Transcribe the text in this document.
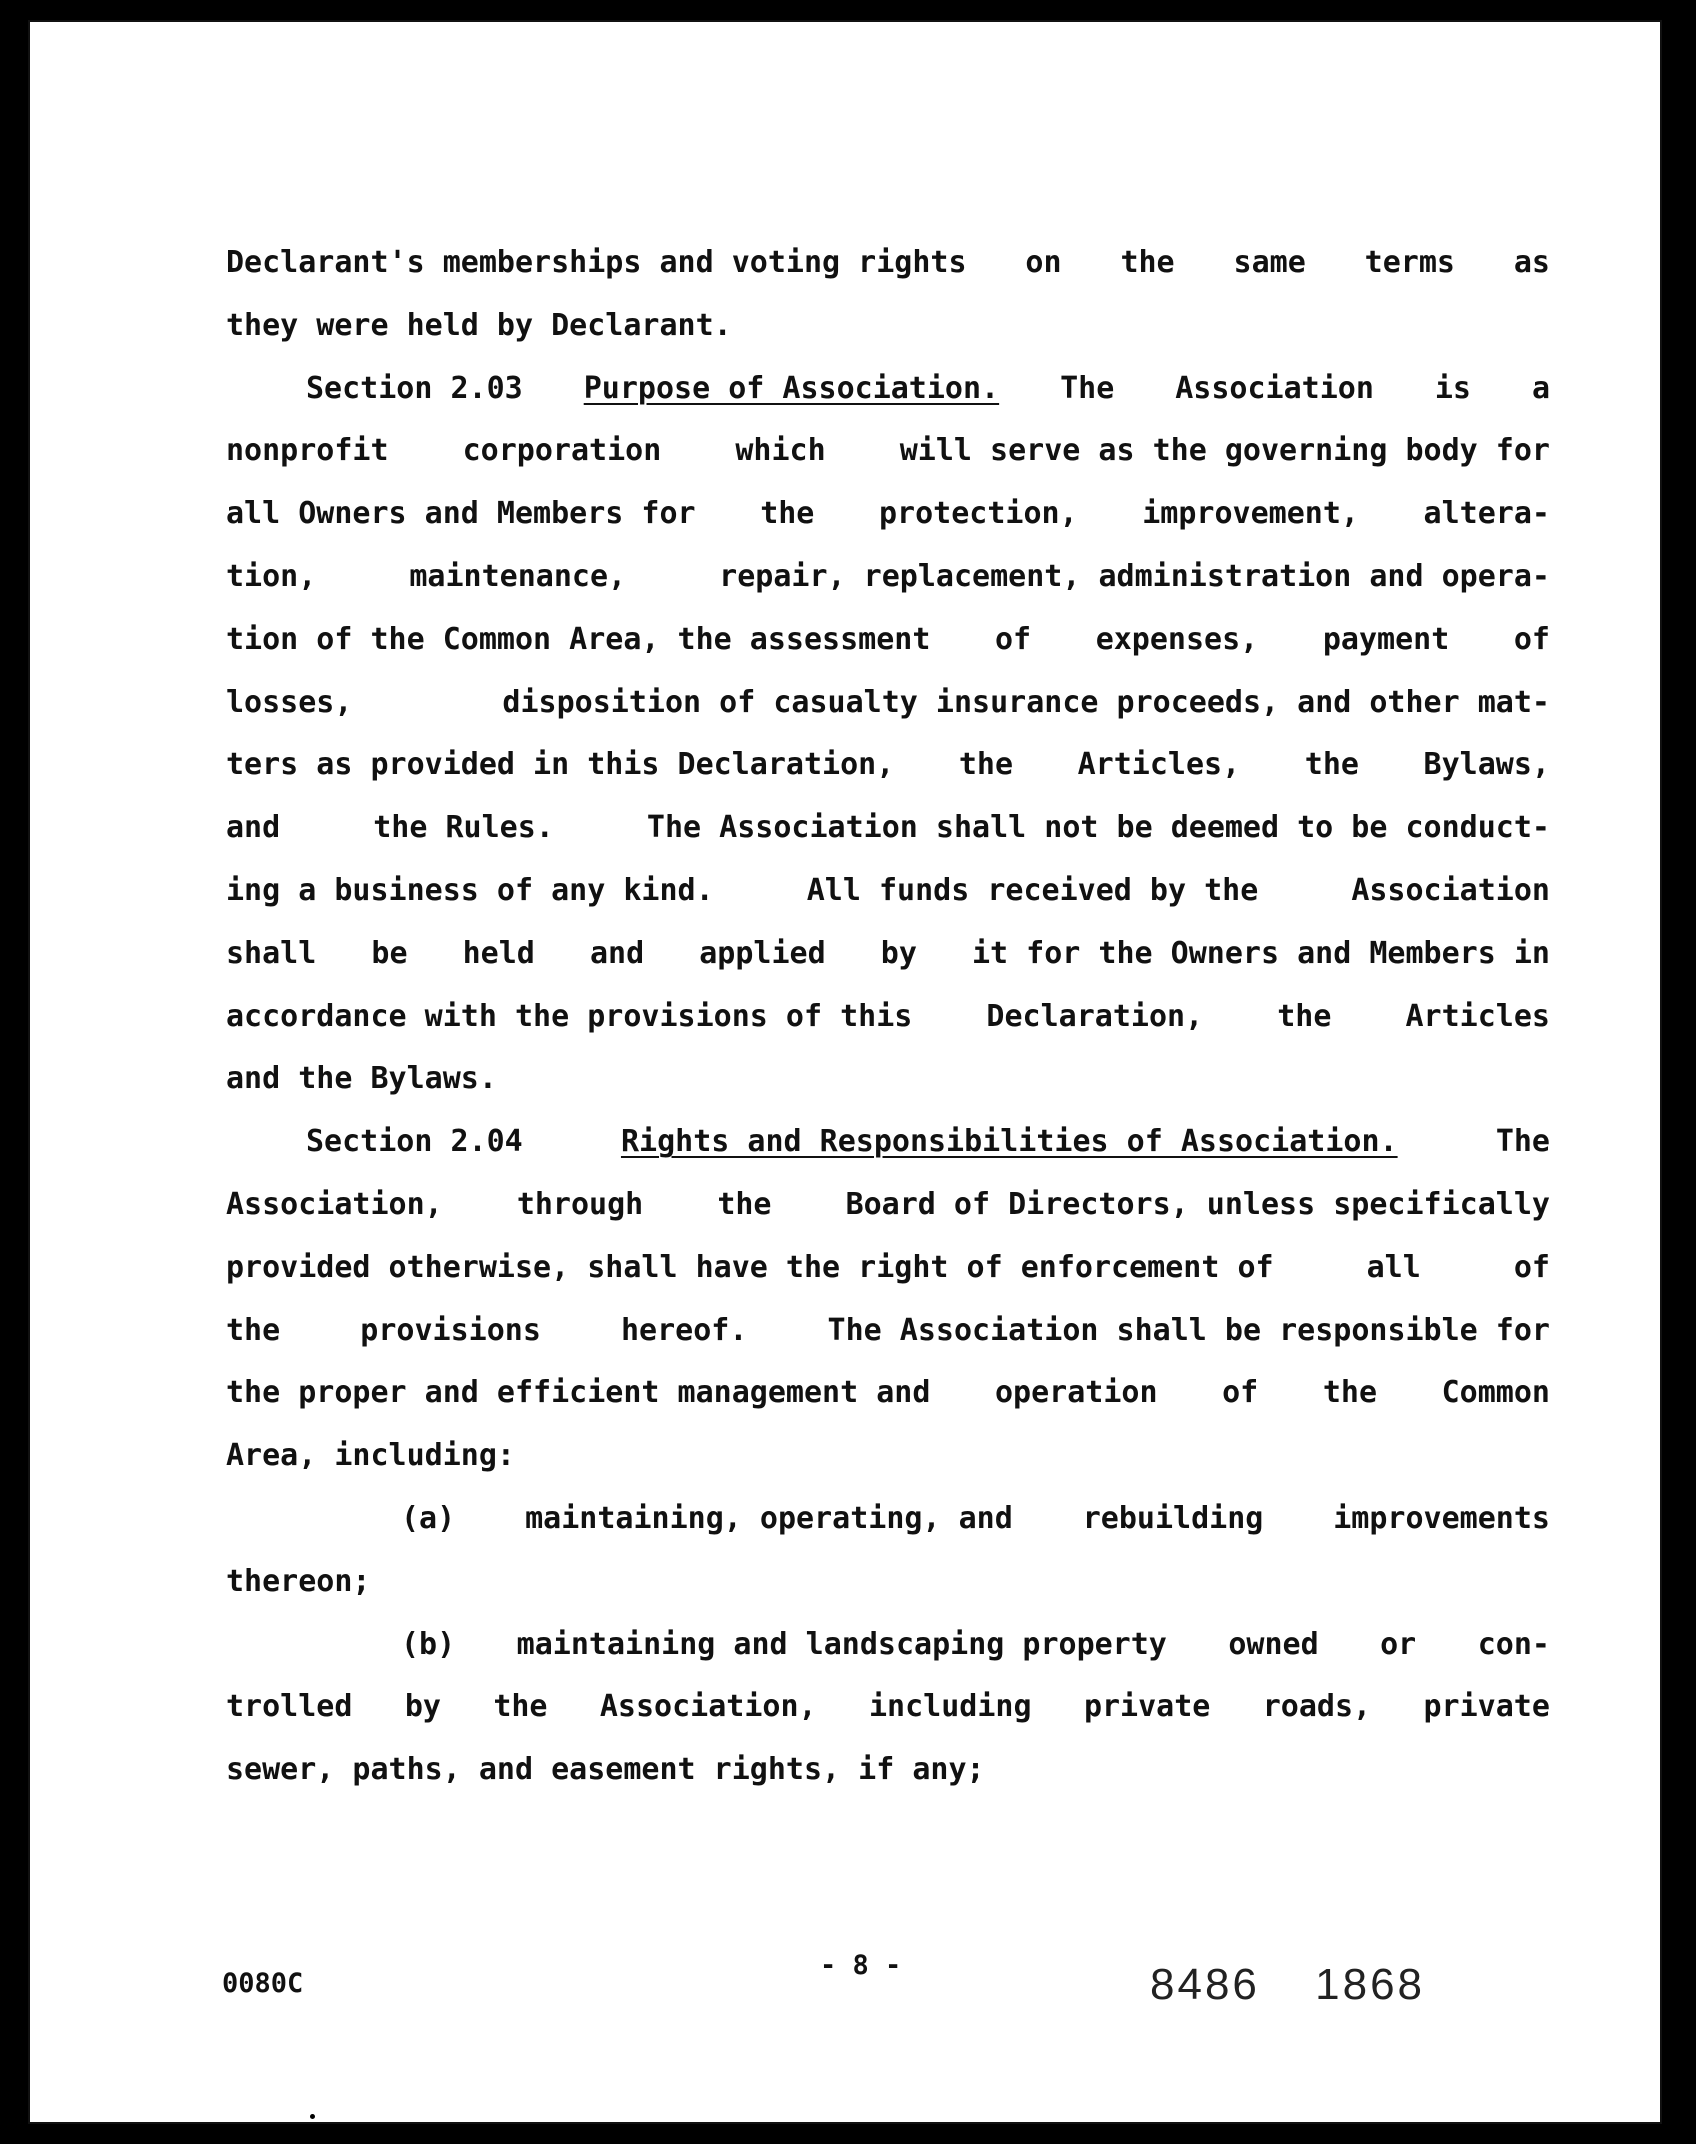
Declarant's memberships and voting rights on the same terms as
they were held by Declarant.
Section 2.03 Purpose of Association. The Association is a
nonprofit corporation which will serve as the governing body for
all Owners and Members for the protection, improvement, altera-
tion,	maintenance,	repair, replacement, administration and opera-
tion of the Common Area, the assessment of expenses, payment of
losses,	disposition of casualty insurance proceeds, and other mat-
ters as provided in this Declaration, the Articles, the Bylaws,
and	the Rules.	The Association shall not be deemed to be conduct-
ing a business of any kind.	All funds received by the	Association
shall be held and applied by it for the Owners and Members in
accordance with the provisions of this Declaration, the Articles
and the Bylaws.
Section 2.04	Rights and Responsibilities of Association.	The
Association, through the Board of Directors, unless specifically
provided otherwise, shall have the right of enforcement of	all	of
the	provisions	hereof.	The Association shall be responsible for
the proper and efficient management and operation of the Common
Area, including:
(a) maintaining, operating, and rebuilding improvements
thereon;
(b) maintaining and landscaping property owned or con-
trolled by the Association, including private roads, private
sewer, paths, and easement rights, if any;
0080C
- 8 -	8486 1868
